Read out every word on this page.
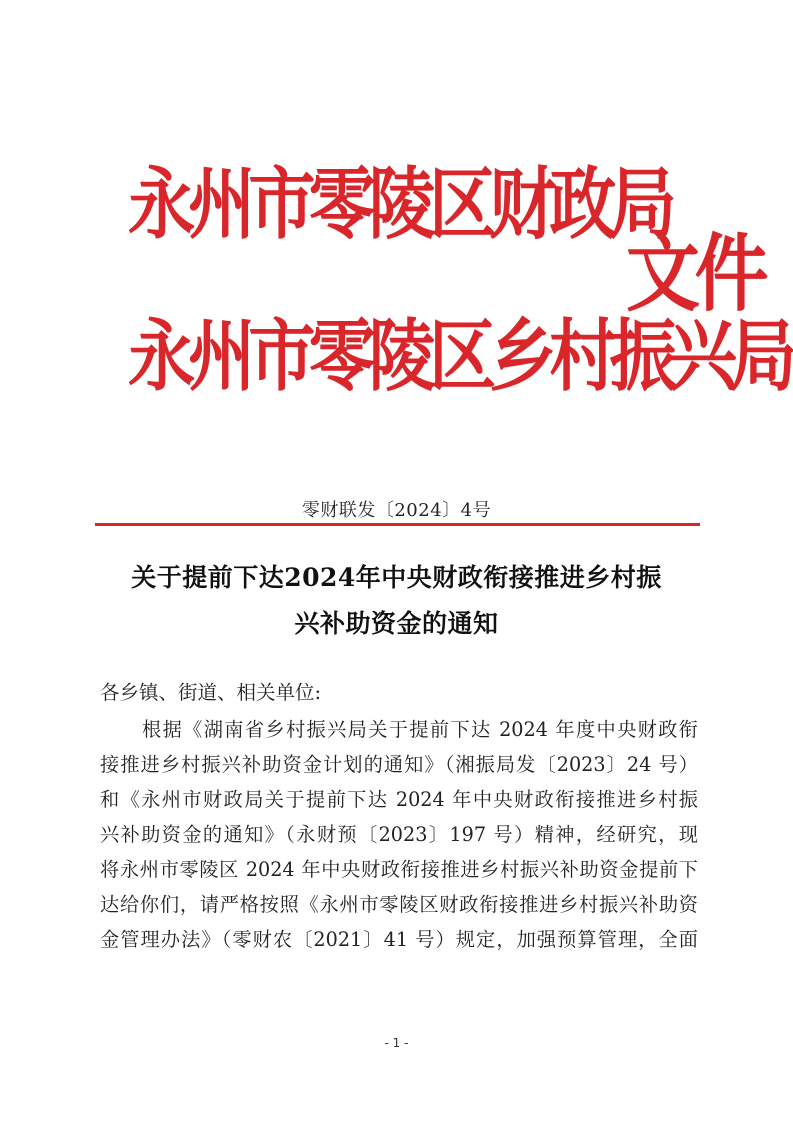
永州市零陵区财政局
永州市零陵区乡村振兴局
文件
零财联发〔2024〕4号
关于提前下达2024年中央财政衔接推进乡村振
兴补助资金的通知
各乡镇、街道、相关单位:
根据《湖南省乡村振兴局关于提前下达 2024 年度中央财政衔
接推进乡村振兴补助资金计划的通知》（湘振局发〔2023〕24 号）
和《永州市财政局关于提前下达 2024 年中央财政衔接推进乡村振
兴补助资金的通知》（永财预〔2023〕197 号）精神，经研究，现
将永州市零陵区 2024 年中央财政衔接推进乡村振兴补助资金提前下
达给你们，请严格按照《永州市零陵区财政衔接推进乡村振兴补助资
金管理办法》（零财农〔2021〕41 号）规定，加强预算管理，全面
- 1 -
